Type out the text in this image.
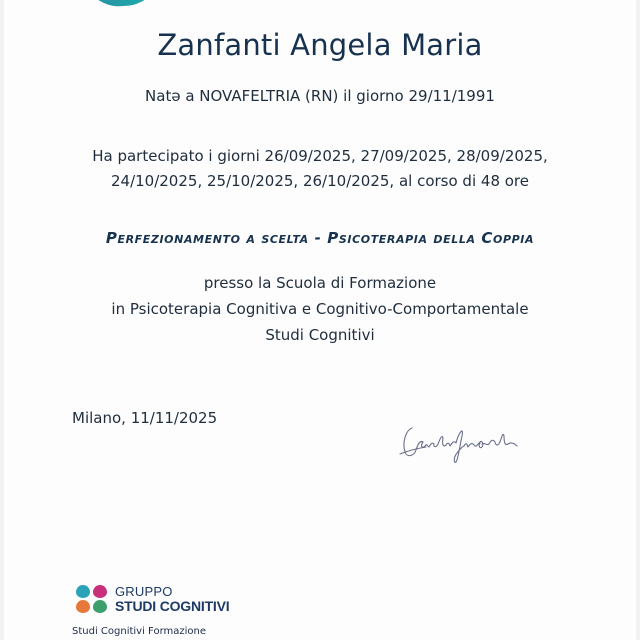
Zanfanti Angela Maria
Natə a NOVAFELTRIA (RN) il giorno 29/11/1991
Ha partecipato i giorni 26/09/2025, 27/09/2025, 28/09/2025,
24/10/2025, 25/10/2025, 26/10/2025, al corso di 48 ore
Perfezionamento a scelta - Psicoterapia della Coppia
presso la Scuola di Formazione
in Psicoterapia Cognitiva e Cognitivo-Comportamentale
Studi Cognitivi
Milano, 11/11/2025
GRUPPO
STUDI COGNITIVI
Studi Cognitivi Formazione
